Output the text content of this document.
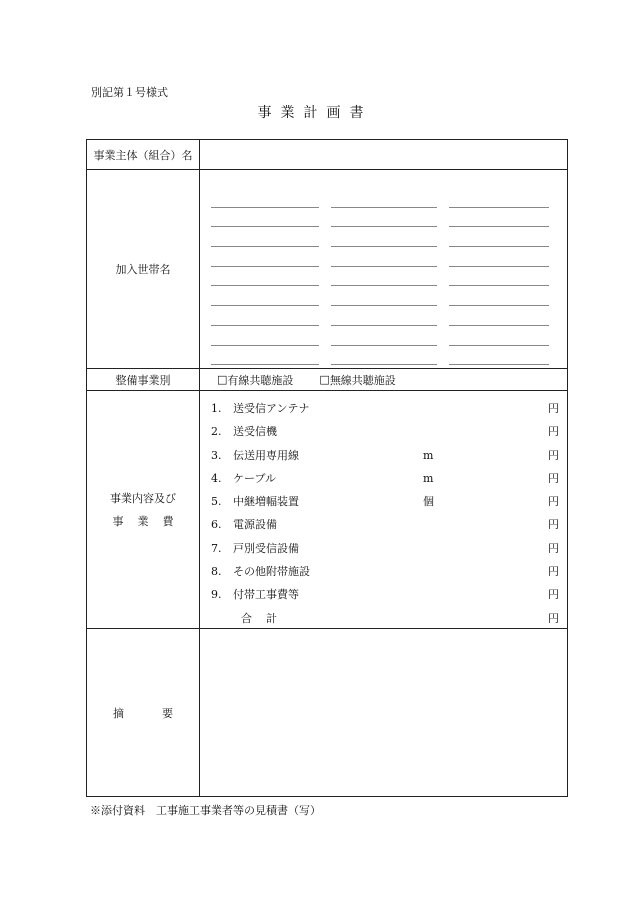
別記第１号様式
事業計画書
事業主体（組合）名
加入世帯名
整備事業別	□ 有線共聴施設 □ 無線共聴施設
事業内容及び
事業費
1.	送受信アンテナ	円
2.	送受信機	円
3.	伝送用専用線	m	円
4.	ケーブル	m	円
5.	中継増幅装置	個	円
6.	電源設備	円
7.	戸別受信設備	円
8.	その他附帯施設	円
9.	付帯工事費等	円
合計	円
摘要
※添付資料　工事施工事業者等の見積書（写）
